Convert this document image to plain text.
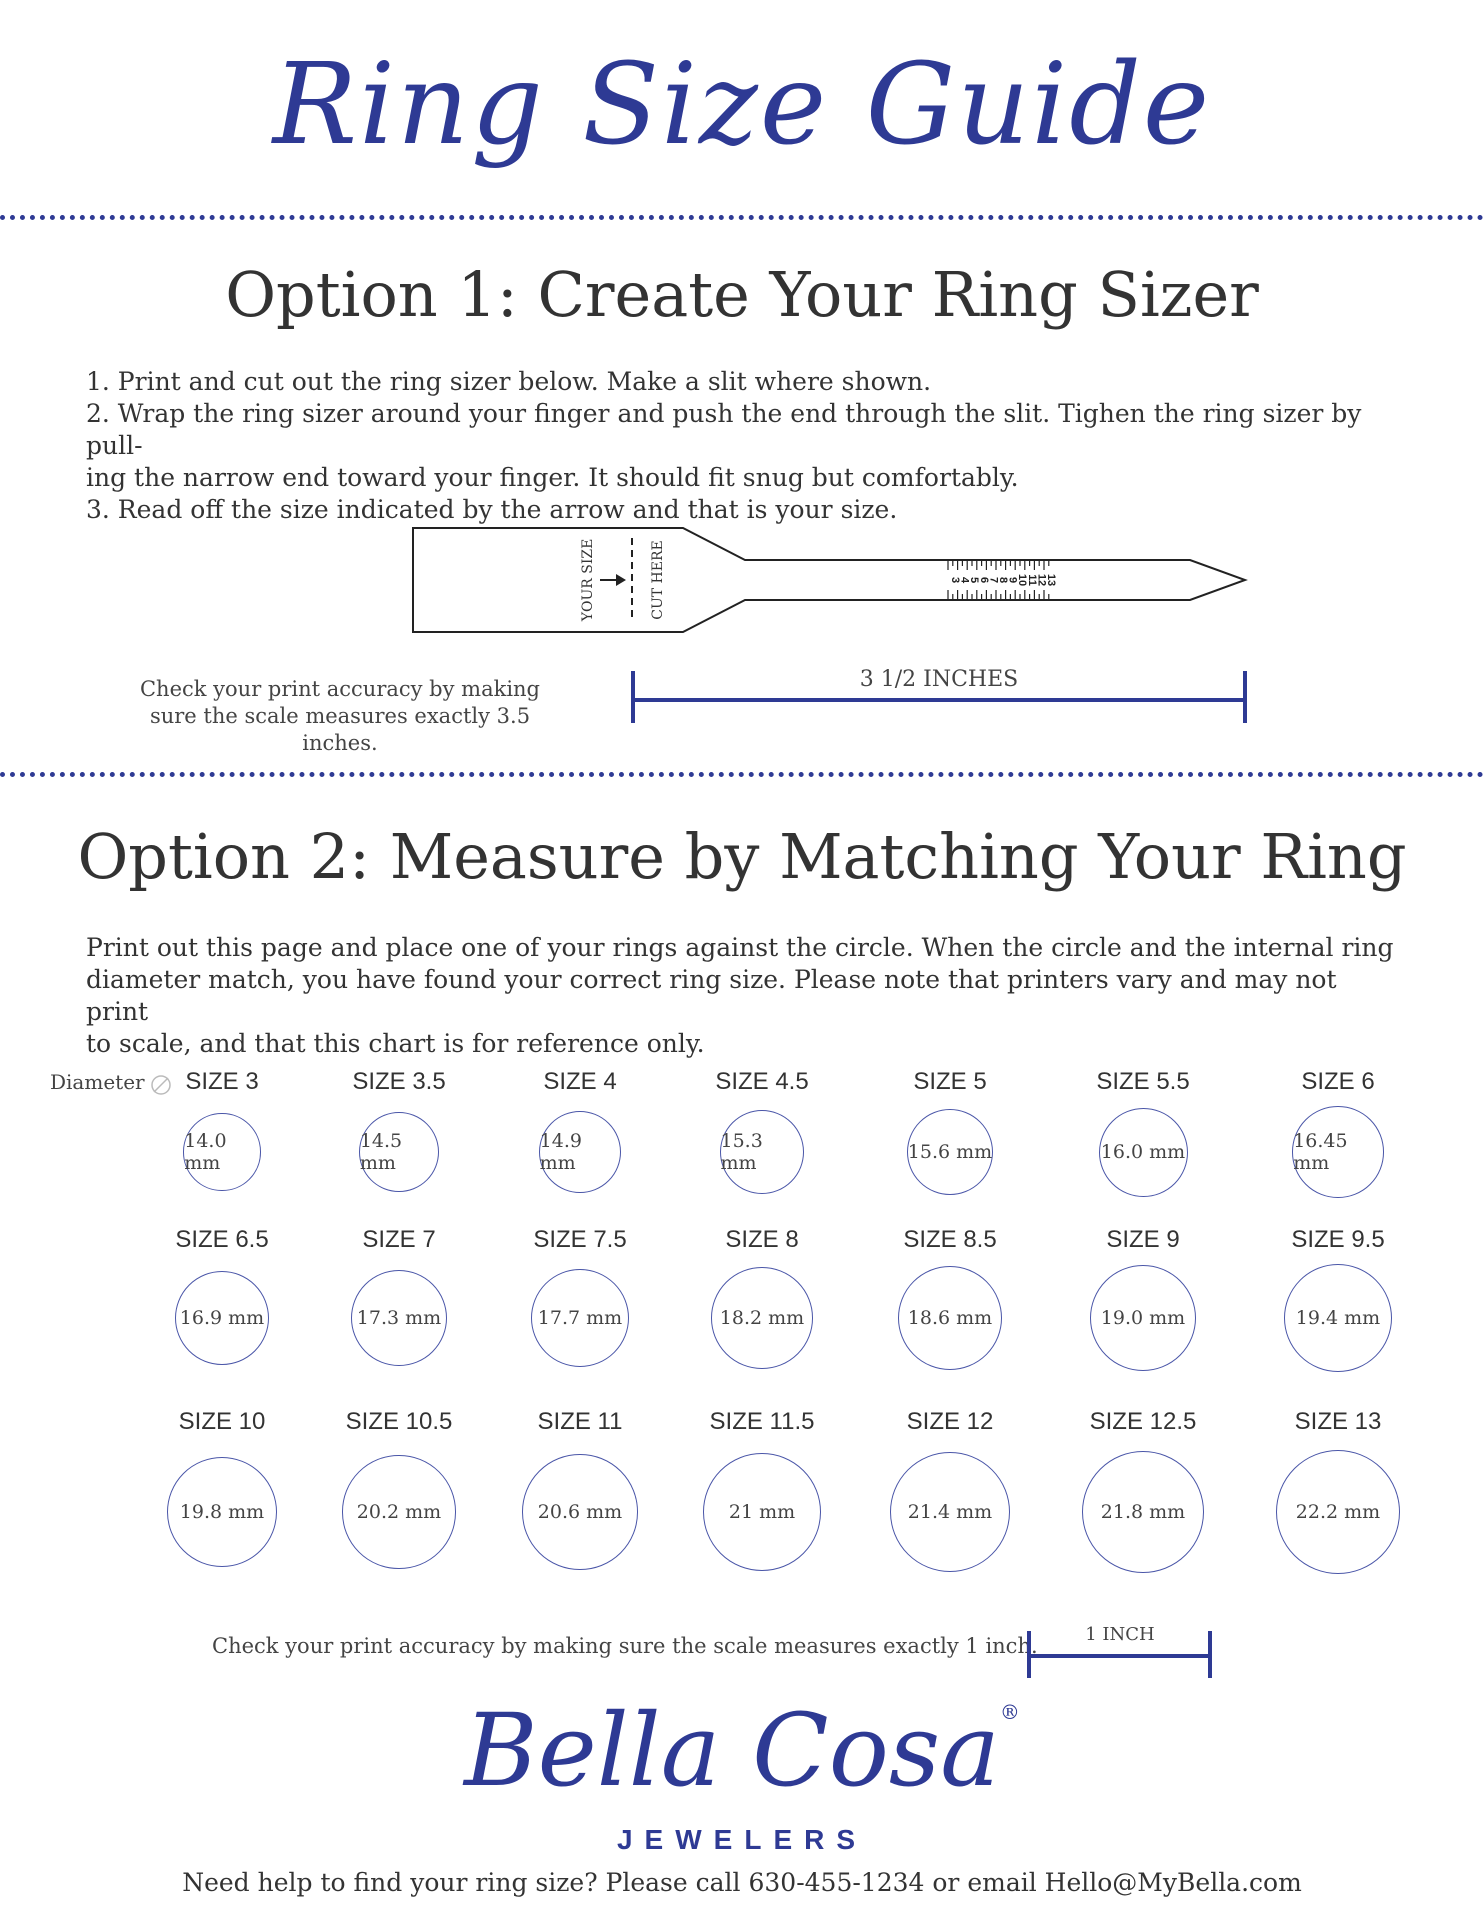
Ring Size Guide
Option 1: Create Your Ring Sizer
1. Print and cut out the ring sizer below. Make a slit where shown.
2. Wrap the ring sizer around your finger and push the end through the slit. Tighen the ring sizer by pull-
ing the narrow end toward your finger. It should fit snug but comfortably.
3. Read off the size indicated by the arrow and that is your size.
YOUR SIZE	CUT HERE	3
4
5
6
7
8
9
10
11
12
13
Check your print accuracy by making
sure the scale measures exactly 3.5 inches.
3 1/2 INCHES
Option 2: Measure by Matching Your Ring
Print out this page and place one of your rings against the circle. When the circle and the internal ring
diameter match, you have found your correct ring size. Please note that printers vary and may not print
to scale, and that this chart is for reference only.
Diameter	SIZE 3
14.0 mm
SIZE 3.5
14.5 mm
SIZE 4
14.9 mm
SIZE 4.5
15.3 mm
SIZE 5
15.6 mm
SIZE 5.5
16.0 mm
SIZE 6
16.45 mm
SIZE 6.5
16.9 mm
SIZE 7
17.3 mm
SIZE 7.5
17.7 mm
SIZE 8
18.2 mm
SIZE 8.5
18.6 mm
SIZE 9
19.0 mm
SIZE 9.5
19.4 mm
SIZE 10
19.8 mm
SIZE 10.5
20.2 mm
SIZE 11
20.6 mm
SIZE 11.5
21 mm
SIZE 12
21.4 mm
SIZE 12.5
21.8 mm
SIZE 13
22.2 mm
Check your print accuracy by making sure the scale measures exactly 1 inch.	1 INCH
Bella Cosa®
JEWELERS
Need help to find your ring size? Please call 630-455-1234 or email Hello@MyBella.com
